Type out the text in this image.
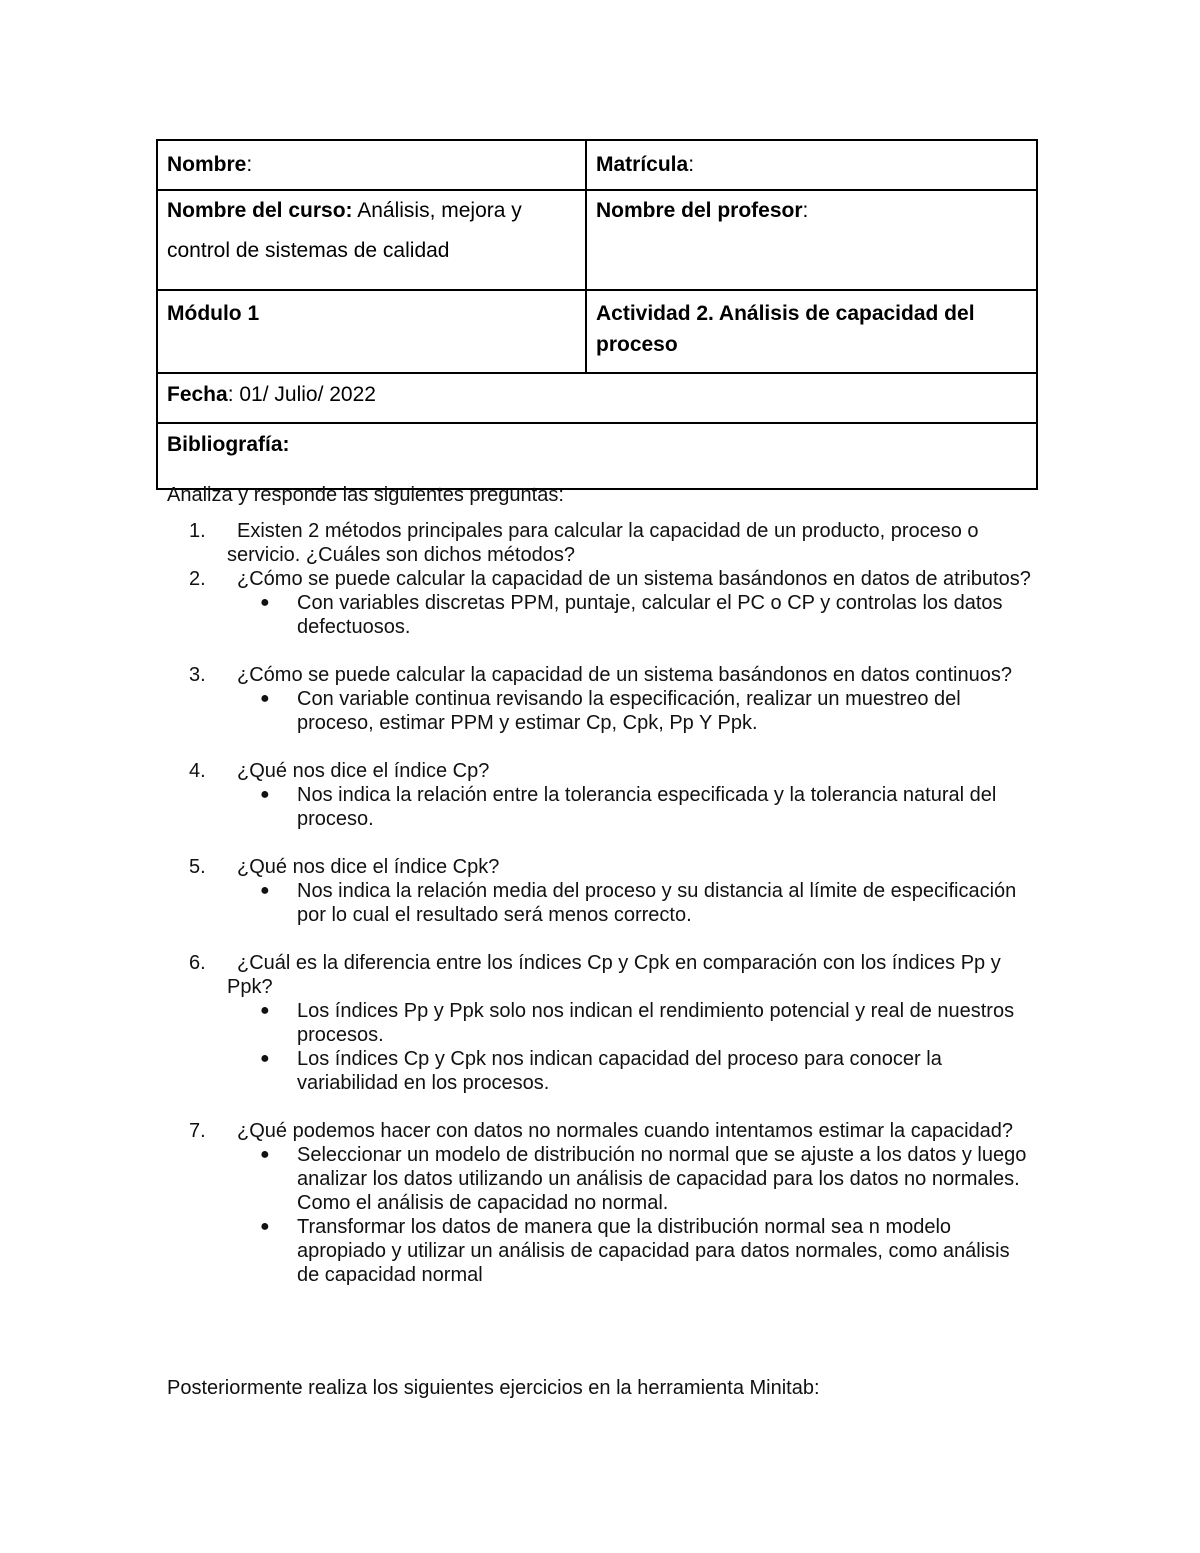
Nombre:	Matrícula:
Nombre del curso: Análisis, mejora y control de sistemas de calidad	Nombre del profesor:
Módulo 1	Actividad 2. Análisis de capacidad del proceso
Fecha: 01/ Julio/ 2022	
Bibliografía:	
Analiza y responde las siguientes preguntas:
1.	Existen 2 métodos principales para calcular la capacidad de un producto, proceso o servicio. ¿Cuáles son dichos métodos?
2.	¿Cómo se puede calcular la capacidad de un sistema basándonos en datos de atributos?
● Con variables discretas PPM, puntaje, calcular el PC o CP y controlas los datos defectuosos.
3.	¿Cómo se puede calcular la capacidad de un sistema basándonos en datos continuos?
● Con variable continua revisando la especificación, realizar un muestreo del proceso, estimar PPM y estimar Cp, Cpk, Pp Y Ppk.
4.	¿Qué nos dice el índice Cp?
● Nos indica la relación entre la tolerancia especificada y la tolerancia natural del proceso.
5.	¿Qué nos dice el índice Cpk?
● Nos indica la relación media del proceso y su distancia al límite de especificación por lo cual el resultado será menos correcto.
6.	¿Cuál es la diferencia entre los índices Cp y Cpk en comparación con los índices Pp y Ppk?
● Los índices Pp y Ppk solo nos indican el rendimiento potencial y real de nuestros procesos.
● Los índices Cp y Cpk nos indican capacidad del proceso para conocer la variabilidad en los procesos.
7.	¿Qué podemos hacer con datos no normales cuando intentamos estimar la capacidad?
● Seleccionar un modelo de distribución no normal que se ajuste a los datos y luego analizar los datos utilizando un análisis de capacidad para los datos no normales. Como el análisis de capacidad no normal.
● Transformar los datos de manera que la distribución normal sea n modelo apropiado y utilizar un análisis de capacidad para datos normales, como análisis de capacidad normal
Posteriormente realiza los siguientes ejercicios en la herramienta Minitab:
